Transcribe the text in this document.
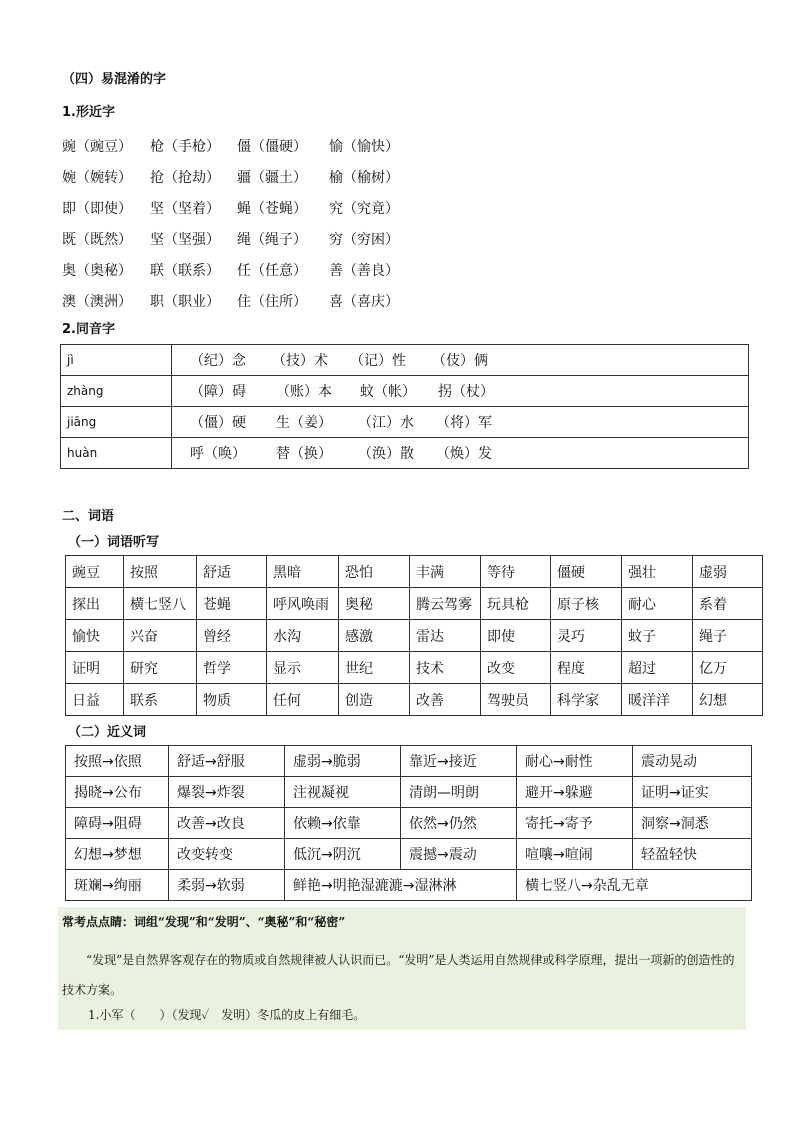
（四）易混淆的字
1.形近字
豌（豌豆）	枪（手枪）	僵（僵硬）	愉（愉快）
婉（婉转）	抢（抢劫）	疆（疆土）	榆（榆树）
即（即使）	坚（坚着）	蝇（苍蝇）	究（究竟）
既（既然）	坚（坚强）	绳（绳子）	穷（穷困）
奥（奥秘）	联（联系）	任（任意）	善（善良）
澳（澳洲）	职（职业）	住（住所）	喜（喜庆）
2.同音字
jì	（纪）念 （技）术 （记）性 （伎）俩
zhàng	（障）碍 （账）本 蚊（帐） 拐（杖）
jiāng	（僵）硬 生（姜） （江）水 （将）军
huàn	呼（唤） 替（换） （涣）散 （焕）发
二、词语
（一）词语听写
豌豆	按照	舒适	黑暗	恐怕	丰满	等待	僵硬	强壮	虚弱
探出	横七竖八	苍蝇	呼风唤雨	奥秘	腾云驾雾	玩具枪	原子核	耐心	系着
愉快	兴奋	曾经	水沟	感激	雷达	即使	灵巧	蚊子	绳子
证明	研究	哲学	显示	世纪	技术	改变	程度	超过	亿万
日益	联系	物质	任何	创造	改善	驾驶员	科学家	暖洋洋	幻想
（二）近义词
按照→依照	舒适→舒服	虚弱→脆弱	靠近→接近	耐心→耐性	震动晃动
揭晓→公布	爆裂→炸裂	注视凝视	清朗—明朗	避开→躲避	证明→证实
障碍→阻碍	改善→改良	依赖→依靠	依然→仍然	寄托→寄予	洞察→洞悉
幻想→梦想	改变转变	低沉→阴沉	震撼→震动	喧嚷→喧闹	轻盈轻快
斑斓→绚丽	柔弱→软弱	鲜艳→明艳湿漉漉→湿淋淋		横七竖八→杂乱无章	
常考点点睛：词组“发现”和“发明”、“奥秘”和“秘密”
“发现”是自然界客观存在的物质或自然规律被人认识而已。“发明”是人类运用自然规律或科学原理，提出一项新的创造性的技术方案。
1.小军（　　）（发现✓　发明）冬瓜的皮上有细毛。
